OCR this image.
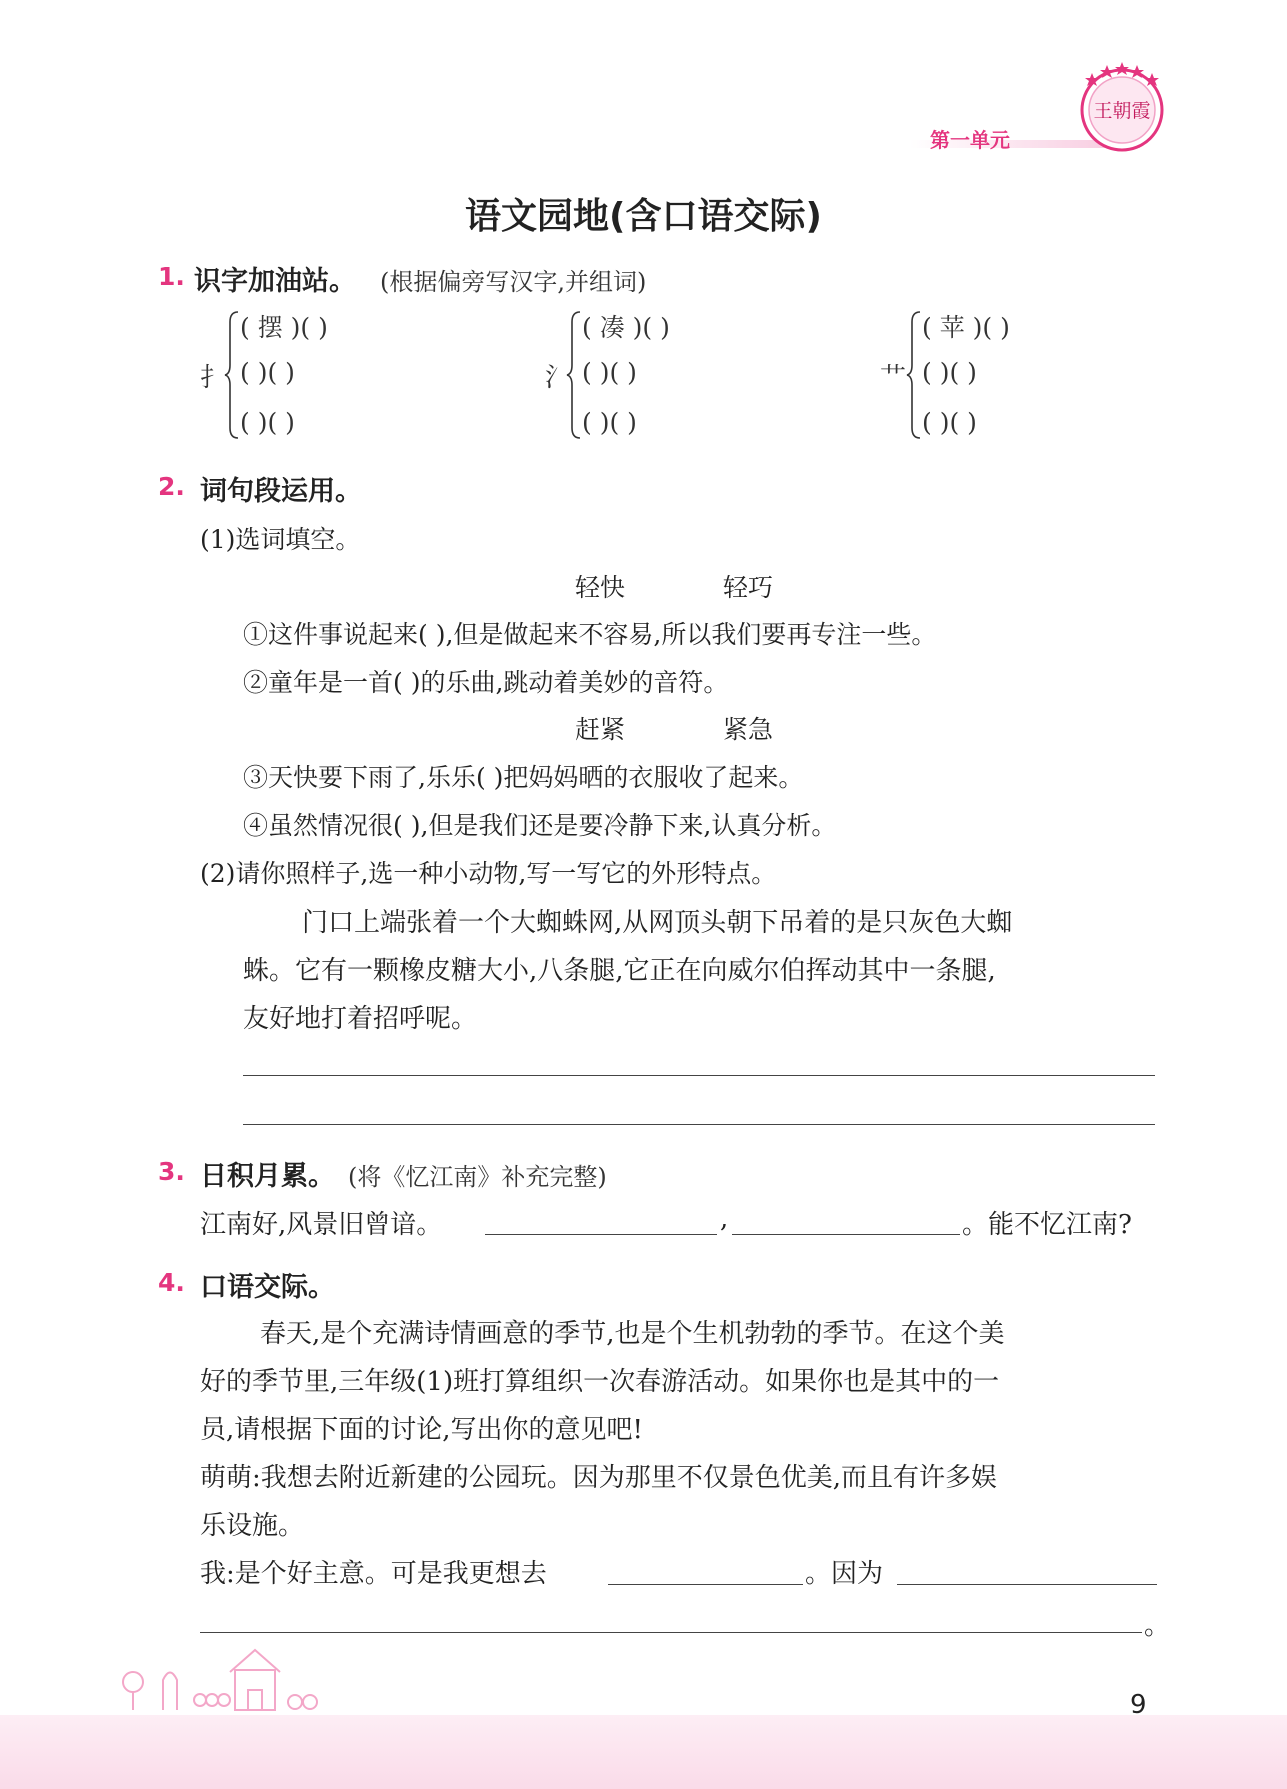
第一单元
王朝霞
语文园地(含口语交际)
1. 识字加油站。 (根据偏旁写汉字,并组词)
扌
( 摆 )( )
( )( )
( )( )
氵
( 凑 )( )
( )( )
( )( )
艹
( 苹 )( )
( )( )
( )( )
2. 词句段运用。
(1)选词填空。
轻快	轻巧
①这件事说起来( ),但是做起来不容易,所以我们要再专注一些。
②童年是一首( )的乐曲,跳动着美妙的音符。
赶紧	紧急
③天快要下雨了,乐乐( )把妈妈晒的衣服收了起来。
④虽然情况很( ),但是我们还是要冷静下来,认真分析。
(2)请你照样子,选一种小动物,写一写它的外形特点。
门口上端张着一个大蜘蛛网,从网顶头朝下吊着的是只灰色大蜘
蛛。它有一颗橡皮糖大小,八条腿,它正在向威尔伯挥动其中一条腿,
友好地打着招呼呢。
3. 日积月累。 (将《忆江南》补充完整)
江南好,风景旧曾谙。	,	。能不忆江南?
4. 口语交际。
春天,是个充满诗情画意的季节,也是个生机勃勃的季节。在这个美
好的季节里,三年级(1)班打算组织一次春游活动。如果你也是其中的一
员,请根据下面的讨论,写出你的意见吧!
萌萌:我想去附近新建的公园玩。因为那里不仅景色优美,而且有许多娱
乐设施。
我:是个好主意。可是我更想去	。因为
。
9
